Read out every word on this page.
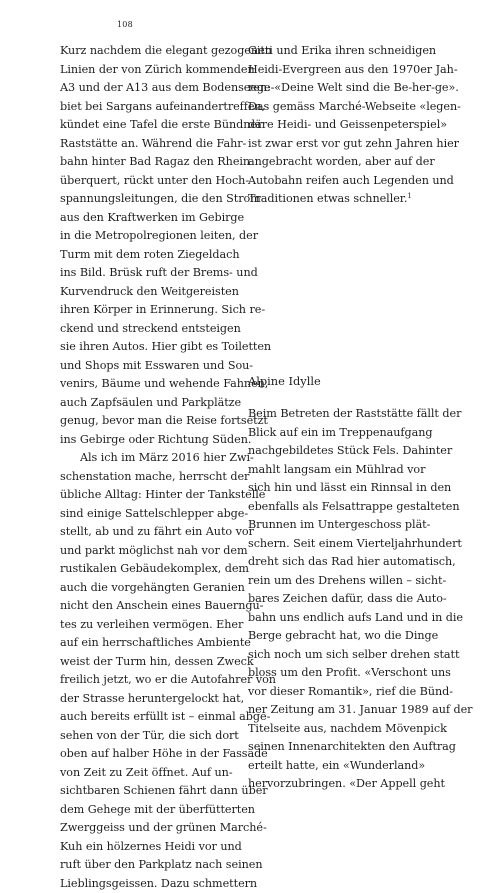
108
Kurz nachdem die elegant gezogenen
Linien der von Zürich kommenden
A3 und der A13 aus dem Bodenseege-
biet bei Sargans aufeinandertreffen,
kündet eine Tafel die erste Bündner
Raststätte an. Während die Fahr-
bahn hinter Bad Ragaz den Rhein
überquert, rückt unter den Hoch-
spannungsleitungen, die den Strom
aus den Kraftwerken im Gebirge
in die Metropolregionen leiten, der
Turm mit dem roten Ziegeldach
ins Bild. Brüsk ruft der Brems- und
Kurvendruck den Weitgereisten
ihren Körper in Erinnerung. Sich re-
ckend und streckend entsteigen
sie ihren Autos. Hier gibt es Toiletten
und Shops mit Esswaren und Sou-
venirs, Bäume und wehende Fahnen,
auch Zapfsäulen und Parkplätze
genug, bevor man die Reise fortsetzt
ins Gebirge oder Richtung Süden.
Als ich im März 2016 hier Zwi-
schenstation mache, herrscht der
übliche Alltag: Hinter der Tankstelle
sind einige Sattelschlepper abge-
stellt, ab und zu fährt ein Auto vor
und parkt möglichst nah vor dem
rustikalen Gebäudekomplex, dem
auch die vorgehängten Geranien
nicht den Anschein eines Bauerngu-
tes zu verleihen vermögen. Eher
auf ein herrschaftliches Ambiente
weist der Turm hin, dessen Zweck
freilich jetzt, wo er die Autofahrer von
der Strasse heruntergelockt hat,
auch bereits erfüllt ist – einmal abge-
sehen von der Tür, die sich dort
oben auf halber Höhe in der Fassade
von Zeit zu Zeit öffnet. Auf un-
sichtbaren Schienen fährt dann über
dem Gehege mit der überfütterten
Zwerggeiss und der grünen Marché-
Kuh ein hölzernes Heidi vor und
ruft über den Parkplatz nach seinen
Lieblingsgeissen. Dazu schmettern
Gitti und Erika ihren schneidigen
Heidi-Evergreen aus den 1970er Jah-
ren: «Deine Welt sind die Be-her-ge».
Das gemäss Marché-Webseite «legen-
däre Heidi- und Geissenpeterspiel»
ist zwar erst vor gut zehn Jahren hier
angebracht worden, aber auf der
Autobahn reifen auch Legenden und
Traditionen etwas schneller.$^1$
Alpine Idylle
Beim Betreten der Raststätte fällt der
Blick auf ein im Treppenaufgang
nachgebildetes Stück Fels. Dahinter
mahlt langsam ein Mühlrad vor
sich hin und lässt ein Rinnsal in den
ebenfalls als Felsattrappe gestalteten
Brunnen im Untergeschoss plät-
schern. Seit einem Vierteljahrhundert
dreht sich das Rad hier automatisch,
rein um des Drehens willen – sicht-
bares Zeichen dafür, dass die Auto-
bahn uns endlich aufs Land und in die
Berge gebracht hat, wo die Dinge
sich noch um sich selber drehen statt
bloss um den Profit. «Verschont uns
vor dieser Romantik», rief die Bünd-
ner Zeitung am 31. Januar 1989 auf der
Titelseite aus, nachdem Mövenpick
seinen Innenarchitekten den Auftrag
erteilt hatte, ein «Wunderland»
hervorzubringen. «Der Appell geht
